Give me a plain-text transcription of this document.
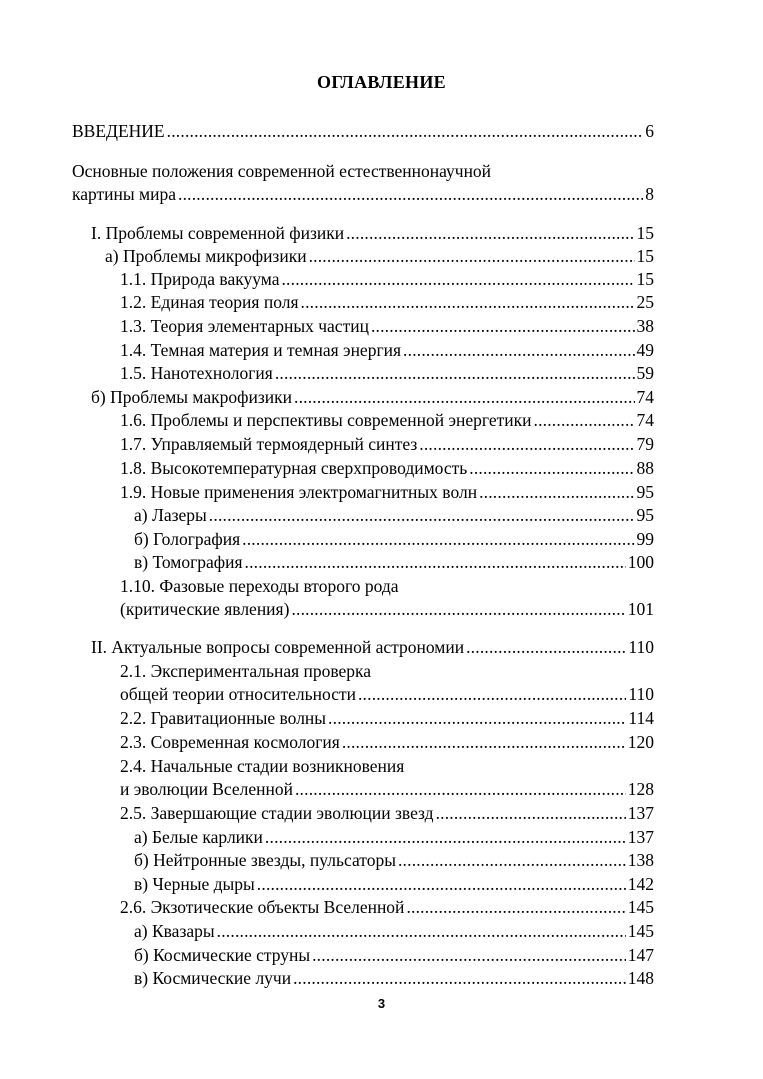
ОГЛАВЛЕНИЕ
ВВЕДЕНИЕ .....	6
Основные положения современной естественнонаучной
картины мира .....	8
I. Проблемы современной физики .....	15
а) Проблемы микрофизики .....	15
1.1. Природа вакуума .....	15
1.2. Единая теория поля .....	25
1.3. Теория элементарных частиц .....	38
1.4. Темная материя и темная энергия .....	49
1.5. Нанотехнология .....	59
б) Проблемы макрофизики .....	74
1.6. Проблемы и перспективы современной энергетики .....	74
1.7. Управляемый термоядерный синтез .....	79
1.8. Высокотемпературная сверхпроводимость .....	88
1.9. Новые применения электромагнитных волн .....	95
а) Лазеры .....	95
б) Голография .....	99
в) Томография .....	100
1.10. Фазовые переходы второго рода
(критические явления) .....	101
II. Актуальные вопросы современной астрономии .....	110
2.1. Экспериментальная проверка
общей теории относительности .....	110
2.2. Гравитационные волны .....	114
2.3. Современная космология .....	120
2.4. Начальные стадии возникновения
и эволюции Вселенной .....	128
2.5. Завершающие стадии эволюции звезд .....	137
а) Белые карлики .....	137
б) Нейтронные звезды, пульсаторы .....	138
в) Черные дыры .....	142
2.6. Экзотические объекты Вселенной .....	145
а) Квазары .....	145
б) Космические струны .....	147
в) Космические лучи .....	148
3
